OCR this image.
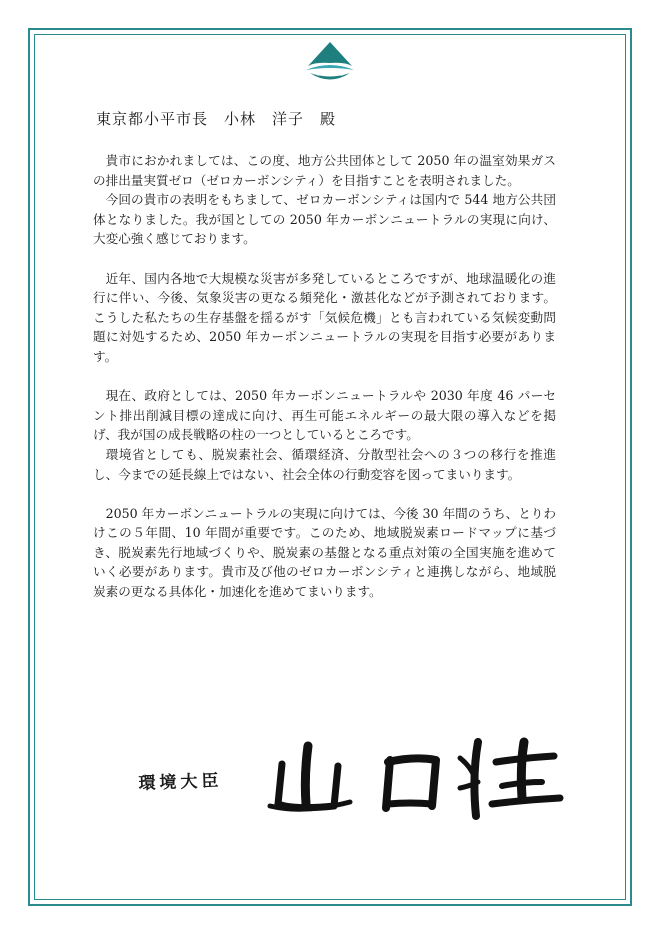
東京都小平市長　小林　洋子　殿

貴市におかれましては、この度、地方公共団体として 2050 年の温室効果ガスの排出量実質ゼロ（ゼロカーボンシティ）を目指すことを表明されました。

今回の貴市の表明をもちまして、ゼロカーボンシティは国内で 544 地方公共団体となりました。我が国としての 2050 年カーボンニュートラルの実現に向け、大変心強く感じております。

近年、国内各地で大規模な災害が多発しているところですが、地球温暖化の進行に伴い、今後、気象災害の更なる頻発化・激甚化などが予測されております。こうした私たちの生存基盤を揺るがす「気候危機」とも言われている気候変動問題に対処するため、2050 年カーボンニュートラルの実現を目指す必要があります。

現在、政府としては、2050 年カーボンニュートラルや 2030 年度 46 パーセント排出削減目標の達成に向け、再生可能エネルギーの最大限の導入などを掲げ、我が国の成長戦略の柱の一つとしているところです。

環境省としても、脱炭素社会、循環経済、分散型社会への３つの移行を推進し、今までの延長線上ではない、社会全体の行動変容を図ってまいります。

2050 年カーボンニュートラルの実現に向けては、今後 30 年間のうち、とりわけこの５年間、10 年間が重要です。このため、地域脱炭素ロードマップに基づき、脱炭素先行地域づくりや、脱炭素の基盤となる重点対策の全国実施を進めていく必要があります。貴市及び他のゼロカーボンシティと連携しながら、地域脱炭素の更なる具体化・加速化を進めてまいります。

環境大臣
